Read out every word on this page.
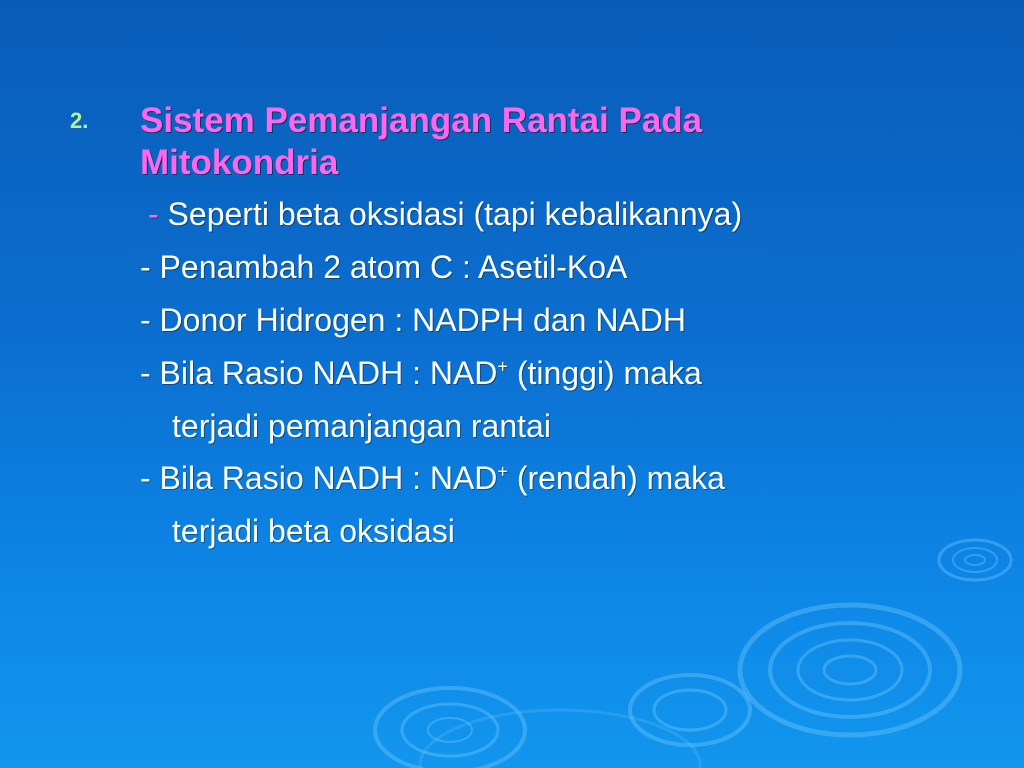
2. Sistem Pemanjangan Rantai Pada
Mitokondria
- Seperti beta oksidasi (tapi kebalikannya)
- Penambah 2 atom C : Asetil-KoA
- Donor Hidrogen : NADPH dan NADH
- Bila Rasio NADH : NAD+ (tinggi) maka
terjadi pemanjangan rantai
- Bila Rasio NADH : NAD+ (rendah) maka
terjadi beta oksidasi
